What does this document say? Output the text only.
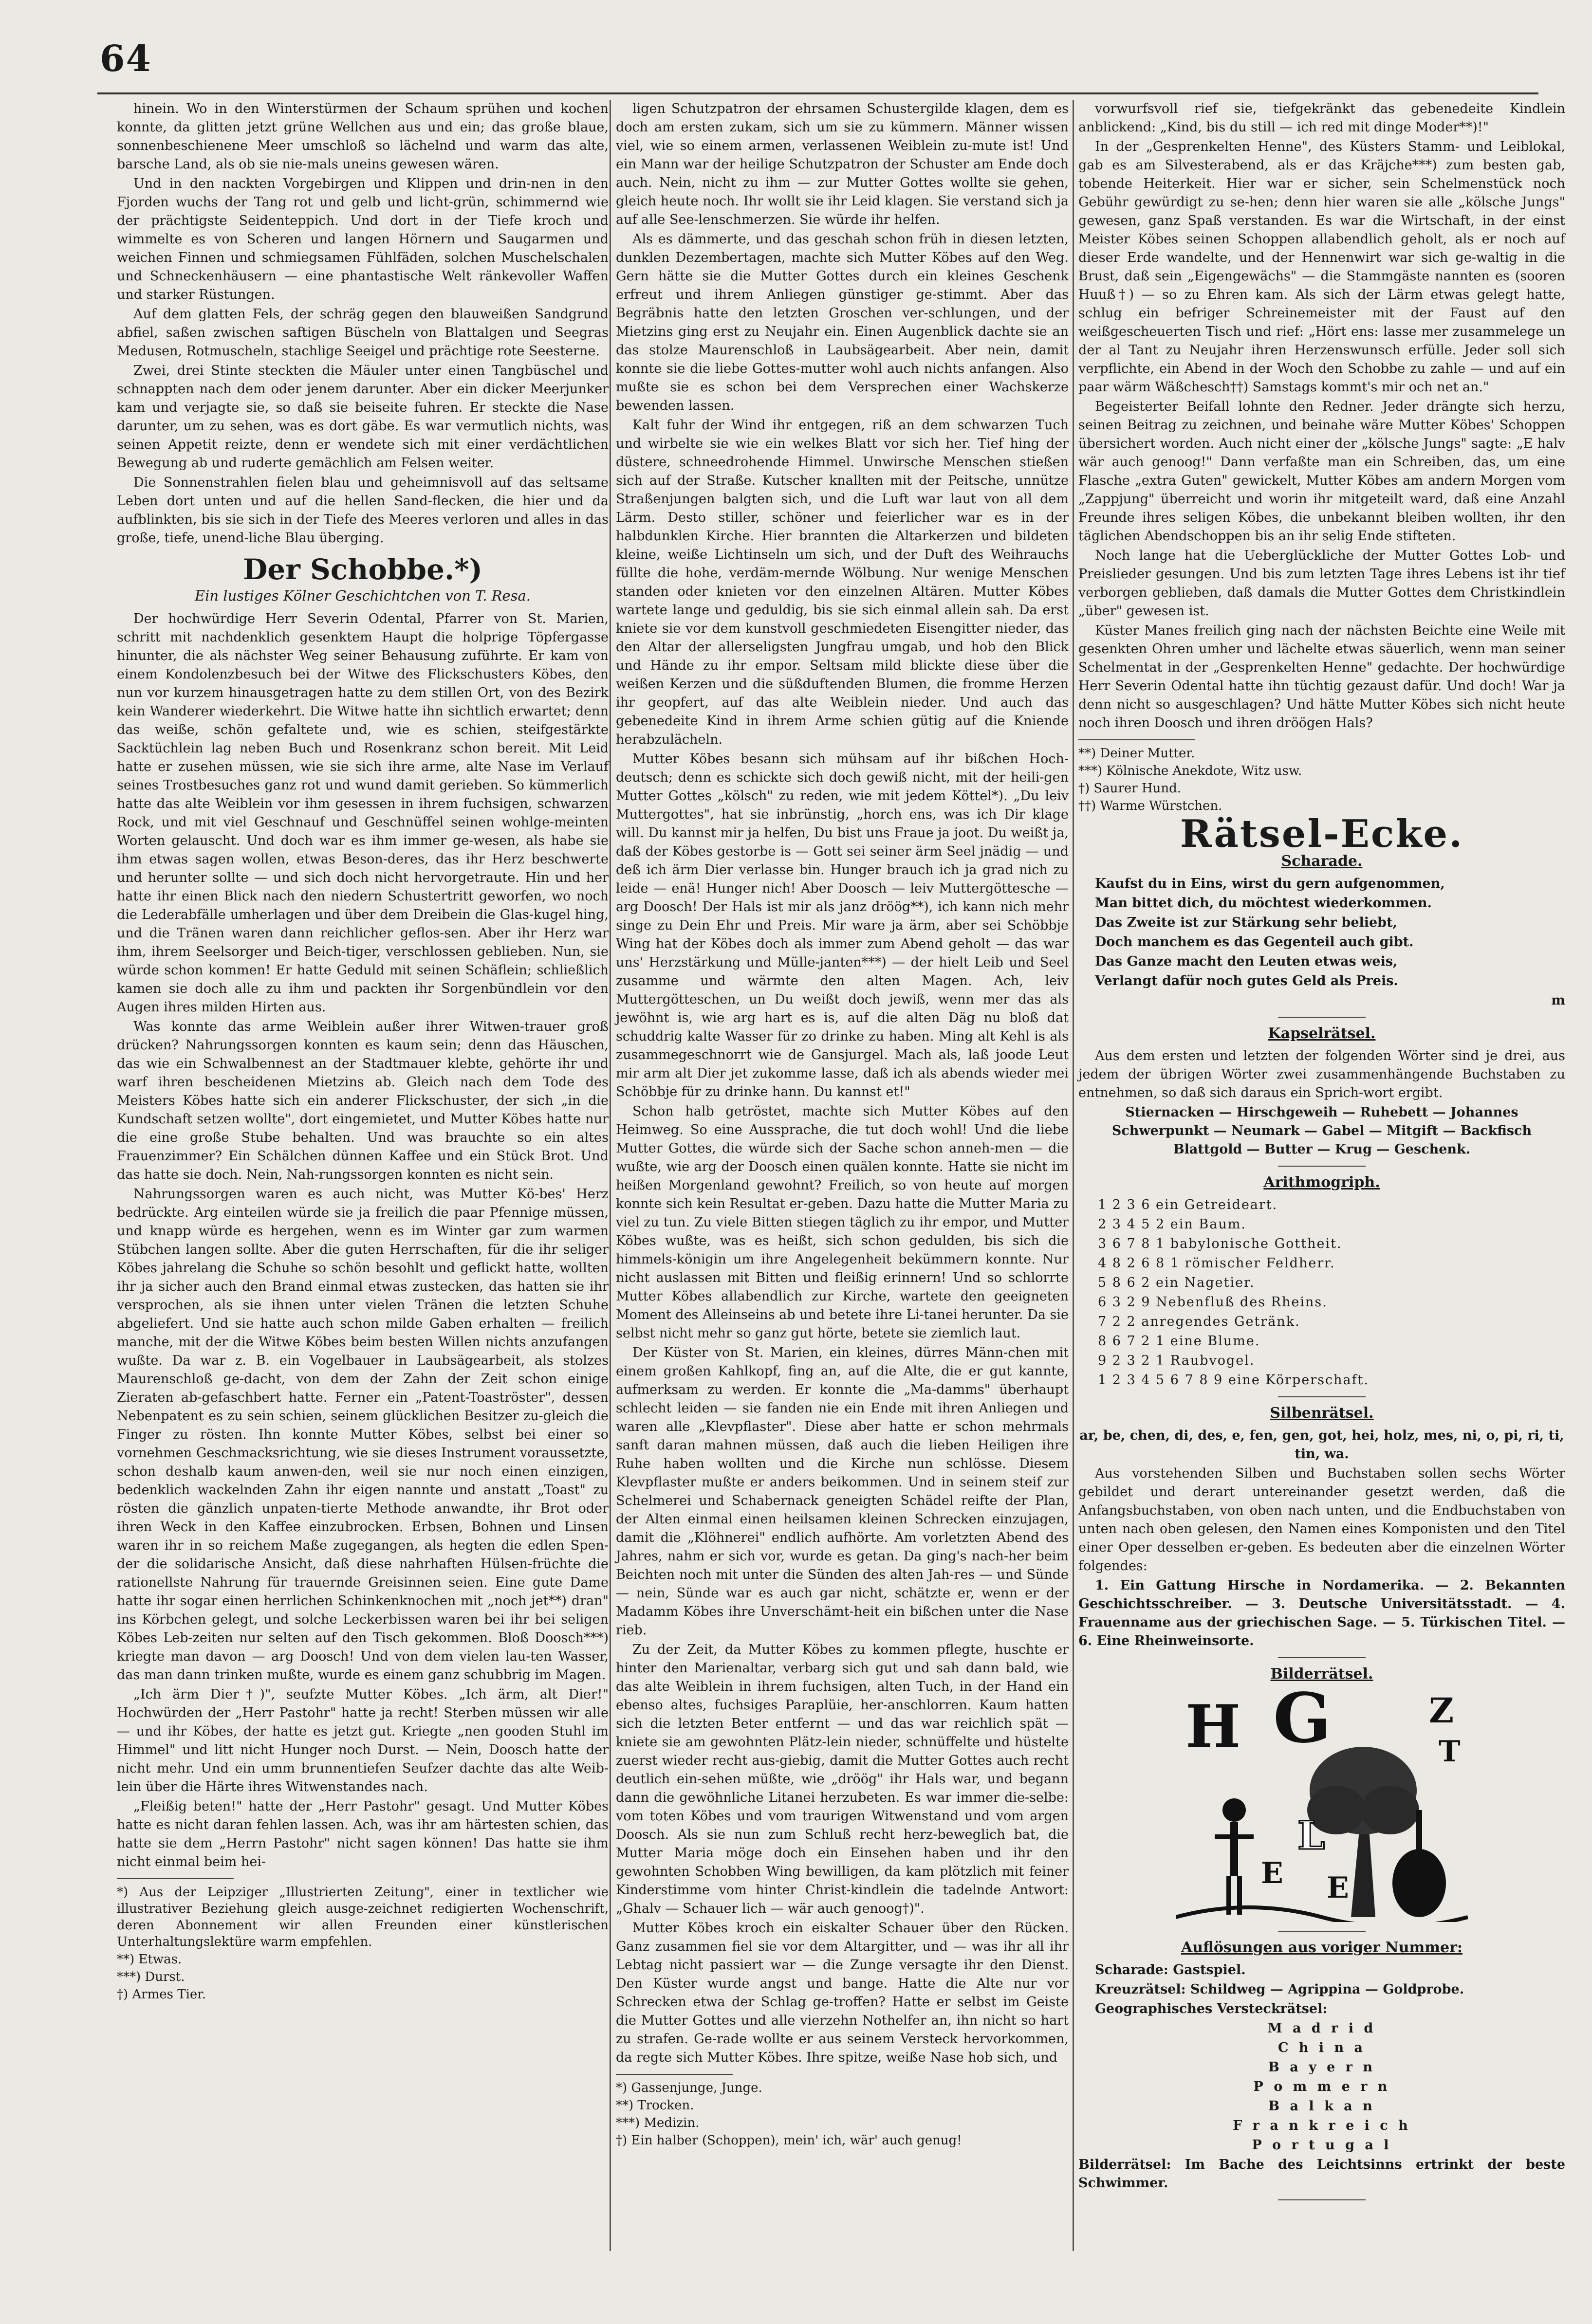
64

hinein. Wo in den Winterstürmen der Schaum sprühen und kochen konnte, da glitten jetzt grüne Wellchen aus und ein; das große blaue, sonnenbeschienene Meer umschloß so lächelnd und warm das alte, barsche Land, als ob sie nie-mals uneins gewesen wären.

Und in den nackten Vorgebirgen und Klippen und drin-nen in den Fjorden wuchs der Tang rot und gelb und licht-grün, schimmernd wie der prächtigste Seidenteppich. Und dort in der Tiefe kroch und wimmelte es von Scheren und langen Hörnern und Saugarmen und weichen Finnen und schmiegsamen Fühlfäden, solchen Muschelschalen und Schneckenhäusern — eine phantastische Welt ränkevoller Waffen und starker Rüstungen.

Auf dem glatten Fels, der schräg gegen den blauweißen Sandgrund abfiel, saßen zwischen saftigen Büscheln von Blattalgen und Seegras Medusen, Rotmuscheln, stachlige Seeigel und prächtige rote Seesterne.

Zwei, drei Stinte steckten die Mäuler unter einen Tangbüschel und schnappten nach dem oder jenem darunter. Aber ein dicker Meerjunker kam und verjagte sie, so daß sie beiseite fuhren. Er steckte die Nase darunter, um zu sehen, was es dort gäbe. Es war vermutlich nichts, was seinen Appetit reizte, denn er wendete sich mit einer verdächtlichen Bewegung ab und ruderte gemächlich am Felsen weiter.

Die Sonnenstrahlen fielen blau und geheimnisvoll auf das seltsame Leben dort unten und auf die hellen Sand-flecken, die hier und da aufblinkten, bis sie sich in der Tiefe des Meeres verloren und alles in das große, tiefe, unend-liche Blau überging.

Der Schobbe.*)
Ein lustiges Kölner Geschichtchen von T. Resa.

Der hochwürdige Herr Severin Odental, Pfarrer von St. Marien, schritt mit nachdenklich gesenktem Haupt die holprige Töpfergasse hinunter, die als nächster Weg seiner Behausung zuführte. Er kam von einem Kondolenzbesuch bei der Witwe des Flickschusters Köbes, den nun vor kurzem hinausgetragen hatte zu dem stillen Ort, von des Bezirk kein Wanderer wiederkehrt. Die Witwe hatte ihn sichtlich erwartet; denn das weiße, schön gefaltete und, wie es schien, steifgestärkte Sacktüchlein lag neben Buch und Rosenkranz schon bereit. Mit Leid hatte er zusehen müssen, wie sie sich ihre arme, alte Nase im Verlauf seines Trostbesuches ganz rot und wund damit gerieben. So kümmerlich hatte das alte Weiblein vor ihm gesessen in ihrem fuchsigen, schwarzen Rock, und mit viel Geschnauf und Geschnüffel seinen wohlge-meinten Worten gelauscht. Und doch war es ihm immer ge-wesen, als habe sie ihm etwas sagen wollen, etwas Beson-deres, das ihr Herz beschwerte und herunter sollte — und sich doch nicht hervorgetraute. Hin und her hatte ihr einen Blick nach den niedern Schustertritt geworfen, wo noch die Lederabfälle umherlagen und über dem Dreibein die Glas-kugel hing, und die Tränen waren dann reichlicher geflos-sen. Aber ihr Herz war ihm, ihrem Seelsorger und Beich-tiger, verschlossen geblieben. Nun, sie würde schon kommen! Er hatte Geduld mit seinen Schäflein; schließlich kamen sie doch alle zu ihm und packten ihr Sorgenbündlein vor den Augen ihres milden Hirten aus.

Was konnte das arme Weiblein außer ihrer Witwen-trauer groß drücken? Nahrungssorgen konnten es kaum sein; denn das Häuschen, das wie ein Schwalbennest an der Stadtmauer klebte, gehörte ihr und warf ihren bescheidenen Mietzins ab. Gleich nach dem Tode des Meisters Köbes hatte sich ein anderer Flickschuster, der sich „in die Kundschaft setzen wollte", dort eingemietet, und Mutter Köbes hatte nur die eine große Stube behalten. Und was brauchte so ein altes Frauenzimmer? Ein Schälchen dünnen Kaffee und ein Stück Brot. Und das hatte sie doch. Nein, Nah-rungssorgen konnten es nicht sein.

Nahrungssorgen waren es auch nicht, was Mutter Kö-bes' Herz bedrückte. Arg einteilen würde sie ja freilich die paar Pfennige müssen, und knapp würde es hergehen, wenn es im Winter gar zum warmen Stübchen langen sollte. Aber die guten Herrschaften, für die ihr seliger Köbes jahrelang die Schuhe so schön besohlt und geflickt hatte, wollten ihr ja sicher auch den Brand einmal etwas zustecken, das hatten sie ihr versprochen, als sie ihnen unter vielen Tränen die letzten Schuhe abgeliefert. Und sie hatte auch schon milde Gaben erhalten — freilich manche, mit der die Witwe Köbes beim besten Willen nichts anzufangen wußte. Da war z. B. ein Vogelbauer in Laubsägearbeit, als stolzes Maurenschloß ge-dacht, von dem der Zahn der Zeit schon einige Zieraten ab-gefaschbert hatte. Ferner ein „Patent-Toaströster", dessen Nebenpatent es zu sein schien, seinem glücklichen Besitzer zu-gleich die Finger zu rösten. Ihn konnte Mutter Köbes, selbst bei einer so vornehmen Geschmacksrichtung, wie sie dieses Instrument voraussetzte, schon deshalb kaum anwen-den, weil sie nur noch einen einzigen, bedenklich wackelnden Zahn ihr eigen nannte und anstatt „Toast" zu rösten die gänzlich unpaten-tierte Methode anwandte, ihr Brot oder ihren Weck in den Kaffee einzubrocken. Erbsen, Bohnen und Linsen waren ihr in so reichem Maße zugegangen, als hegten die edlen Spen-der die solidarische Ansicht, daß diese nahrhaften Hülsen-früchte die rationellste Nahrung für trauernde Greisinnen seien. Eine gute Dame hatte ihr sogar einen herrlichen Schinkenknochen mit „noch jet**) dran" ins Körbchen gelegt, und solche Leckerbissen waren bei ihr bei seligen Köbes Leb-zeiten nur selten auf den Tisch gekommen. Bloß Doosch***) kriegte man davon — arg Doosch! Und von dem vielen lau-ten Wasser, das man dann trinken mußte, wurde es einem ganz schubbrig im Magen.

„Ich ärm Dier†)", seufzte Mutter Köbes. „Ich ärm, alt Dier!" Hochwürden der „Herr Pastohr" hatte ja recht! Sterben müssen wir alle — und ihr Köbes, der hatte es jetzt gut. Kriegte „nen gooden Stuhl im Himmel" und litt nicht Hunger noch Durst. — Nein, Doosch hatte der nicht mehr. Und ein umm brunnentiefen Seufzer dachte das alte Weib-lein über die Härte ihres Witwenstandes nach.

„Fleißig beten!" hatte der „Herr Pastohr" gesagt. Und Mutter Köbes hatte es nicht daran fehlen lassen. Ach, was ihr am härtesten schien, das hatte sie dem „Herrn Pastohr" nicht sagen können! Das hatte sie ihm nicht einmal beim hei-

*) Aus der Leipziger „Illustrierten Zeitung", einer in textlicher wie illustrativer Beziehung gleich ausge-zeichnet redigierten Wochenschrift, deren Abonnement wir allen Freunden einer künstlerischen Unterhaltungslektüre warm empfehlen.

**) Etwas.

***) Durst.

†) Armes Tier.

ligen Schutzpatron der ehrsamen Schustergilde klagen, dem es doch am ersten zukam, sich um sie zu kümmern. Männer wissen viel, wie so einem armen, verlassenen Weiblein zu-mute ist! Und ein Mann war der heilige Schutzpatron der Schuster am Ende doch auch. Nein, nicht zu ihm — zur Mutter Gottes wollte sie gehen, gleich heute noch. Ihr wollt sie ihr Leid klagen. Sie verstand sich ja auf alle See-lenschmerzen. Sie würde ihr helfen.

Als es dämmerte, und das geschah schon früh in diesen letzten, dunklen Dezembertagen, machte sich Mutter Köbes auf den Weg. Gern hätte sie die Mutter Gottes durch ein kleines Geschenk erfreut und ihrem Anliegen günstiger ge-stimmt. Aber das Begräbnis hatte den letzten Groschen ver-schlungen, und der Mietzins ging erst zu Neujahr ein. Einen Augenblick dachte sie an das stolze Maurenschloß in Laubsägearbeit. Aber nein, damit konnte sie die liebe Gottes-mutter wohl auch nichts anfangen. Also mußte sie es schon bei dem Versprechen einer Wachskerze bewenden lassen.

Kalt fuhr der Wind ihr entgegen, riß an dem schwarzen Tuch und wirbelte sie wie ein welkes Blatt vor sich her. Tief hing der düstere, schneedrohende Himmel. Unwirsche Menschen stießen sich auf der Straße. Kutscher knallten mit der Peitsche, unnütze Straßenjungen balgten sich, und die Luft war laut von all dem Lärm. Desto stiller, schöner und feierlicher war es in der halbdunklen Kirche. Hier brannten die Altarkerzen und bildeten kleine, weiße Lichtinseln um sich, und der Duft des Weihrauchs füllte die hohe, verdäm-mernde Wölbung. Nur wenige Menschen standen oder knieten vor den einzelnen Altären. Mutter Köbes wartete lange und geduldig, bis sie sich einmal allein sah. Da erst kniete sie vor dem kunstvoll geschmiedeten Eisengitter nieder, das den Altar der allerseligsten Jungfrau umgab, und hob den Blick und Hände zu ihr empor. Seltsam mild blickte diese über die weißen Kerzen und die süßduftenden Blumen, die fromme Herzen ihr geopfert, auf das alte Weiblein nieder. Und auch das gebenedeite Kind in ihrem Arme schien gütig auf die Kniende herabzulächeln.

Mutter Köbes besann sich mühsam auf ihr bißchen Hoch-deutsch; denn es schickte sich doch gewiß nicht, mit der heili-gen Mutter Gottes „kölsch" zu reden, wie mit jedem Köttel*). „Du leiv Muttergottes", hat sie inbrünstig, „horch ens, was ich Dir klage will. Du kannst mir ja helfen, Du bist uns Fraue ja joot. Du weißt ja, daß der Köbes gestorbe is — Gott sei seiner ärm Seel jnädig — und deß ich ärm Dier verlasse bin. Hunger brauch ich ja grad nich zu leide — enä! Hunger nich! Aber Doosch — leiv Muttergöttesche — arg Doosch! Der Hals ist mir als janz dröög**), ich kann nich mehr singe zu Dein Ehr und Preis. Mir ware ja ärm, aber sei Schöbbje Wing hat der Köbes doch als immer zum Abend geholt — das war uns' Herzstärkung und Mülle-janten***) — der hielt Leib und Seel zusamme und wärmte den alten Magen. Ach, leiv Muttergötteschen, un Du weißt doch jewiß, wenn mer das als jewöhnt is, wie arg hart es is, auf die alten Däg nu bloß dat schuddrig kalte Wasser für zo drinke zu haben. Ming alt Kehl is als zusammegeschnorrt wie de Gansjurgel. Mach als, laß joode Leut mir arm alt Dier jet zukomme lasse, daß ich als abends wieder mei Schöbbje für zu drinke hann. Du kannst et!"

Schon halb getröstet, machte sich Mutter Köbes auf den Heimweg. So eine Aussprache, die tut doch wohl! Und die liebe Mutter Gottes, die würde sich der Sache schon anneh-men — die wußte, wie arg der Doosch einen quälen konnte. Hatte sie nicht im heißen Morgenland gewohnt? Freilich, so von heute auf morgen konnte sich kein Resultat er-geben. Dazu hatte die Mutter Maria zu viel zu tun. Zu viele Bitten stiegen täglich zu ihr empor, und Mutter Köbes wußte, was es heißt, sich schon gedulden, bis sich die himmels-königin um ihre Angelegenheit bekümmern konnte. Nur nicht auslassen mit Bitten und fleißig erinnern! Und so schlorrte Mutter Köbes allabendlich zur Kirche, wartete den geeigneten Moment des Alleinseins ab und betete ihre Li-tanei herunter. Da sie selbst nicht mehr so ganz gut hörte, betete sie ziemlich laut.

Der Küster von St. Marien, ein kleines, dürres Männ-chen mit einem großen Kahlkopf, fing an, auf die Alte, die er gut kannte, aufmerksam zu werden. Er konnte die „Ma-damms" überhaupt schlecht leiden — sie fanden nie ein Ende mit ihren Anliegen und waren alle „Klevpflaster". Diese aber hatte er schon mehrmals sanft daran mahnen müssen, daß auch die lieben Heiligen ihre Ruhe haben wollten und die Kirche nun schlösse. Diesem Klevpflaster mußte er anders beikommen. Und in seinem steif zur Schelmerei und Schabernack geneigten Schädel reifte der Plan, der Alten einmal einen heilsamen kleinen Schrecken einzujagen, damit die „Klöhnerei" endlich aufhörte. Am vorletzten Abend des Jahres, nahm er sich vor, wurde es getan. Da ging's nach-her beim Beichten noch mit unter die Sünden des alten Jah-res — und Sünde — nein, Sünde war es auch gar nicht, schätzte er, wenn er der Madamm Köbes ihre Unverschämt-heit ein bißchen unter die Nase rieb.

Zu der Zeit, da Mutter Köbes zu kommen pflegte, huschte er hinter den Marienaltar, verbarg sich gut und sah dann bald, wie das alte Weiblein in ihrem fuchsigen, alten Tuch, in der Hand ein ebenso altes, fuchsiges Paraplüie, her-anschlorren. Kaum hatten sich die letzten Beter entfernt — und das war reichlich spät — kniete sie am gewohnten Plätz-lein nieder, schnüffelte und hüstelte zuerst wieder recht aus-giebig, damit die Mutter Gottes auch recht deutlich ein-sehen müßte, wie „dröög" ihr Hals war, und begann dann die gewöhnliche Litanei herzubeten. Es war immer die-selbe: vom toten Köbes und vom traurigen Witwenstand und vom argen Doosch. Als sie nun zum Schluß recht herz-beweglich bat, die Mutter Maria möge doch ein Einsehen haben und ihr den gewohnten Schobben Wing bewilligen, da kam plötzlich mit feiner Kinderstimme vom hinter Christ-kindlein die tadelnde Antwort: „Ghalv — Schauer lich — wär auch genoog†)".

Mutter Köbes kroch ein eiskalter Schauer über den Rücken. Ganz zusammen fiel sie vor dem Altargitter, und — was ihr all ihr Lebtag nicht passiert war — die Zunge versagte ihr den Dienst. Den Küster wurde angst und bange. Hatte die Alte nur vor Schrecken etwa der Schlag ge-troffen? Hatte er selbst im Geiste die Mutter Gottes und alle vierzehn Nothelfer an, ihn nicht so hart zu strafen. Ge-rade wollte er aus seinem Versteck hervorkommen, da regte sich Mutter Köbes. Ihre spitze, weiße Nase hob sich, und

*) Gassenjunge, Junge.

**) Trocken.

***) Medizin.

†) Ein halber (Schoppen), mein' ich, wär' auch genug!

vorwurfsvoll rief sie, tiefgekränkt das gebenedeite Kindlein anblickend: „Kind, bis du still — ich red mit dinge Moder**)!"

In der „Gesprenkelten Henne", des Küsters Stamm- und Leiblokal, gab es am Silvesterabend, als er das Kräjche***) zum besten gab, tobende Heiterkeit. Hier war er sicher, sein Schelmenstück noch Gebühr gewürdigt zu se-hen; denn hier waren sie alle „kölsche Jungs" gewesen, ganz Spaß verstanden. Es war die Wirtschaft, in der einst Meister Köbes seinen Schoppen allabendlich geholt, als er noch auf dieser Erde wandelte, und der Hennenwirt war sich ge-waltig in die Brust, daß sein „Eigengewächs" — die Stammgäste nannten es (sooren Huuß†) — so zu Ehren kam. Als sich der Lärm etwas gelegt hatte, schlug ein befriger Schreinemeister mit der Faust auf den weißgescheuerten Tisch und rief: „Hört ens: lasse mer zusammelege un der al Tant zu Neujahr ihren Herzenswunsch erfülle. Jeder soll sich verpflichte, ein Abend in der Woch den Schobbe zu zahle — und auf ein paar wärm Wäßchesch††) Samstags kommt's mir och net an."

Begeisterter Beifall lohnte den Redner. Jeder drängte sich herzu, seinen Beitrag zu zeichnen, und beinahe wäre Mutter Köbes' Schoppen übersichert worden. Auch nicht einer der „kölsche Jungs" sagte: „E halv wär auch genoog!" Dann verfaßte man ein Schreiben, das, um eine Flasche „extra Guten" gewickelt, Mutter Köbes am andern Morgen vom „Zappjung" überreicht und worin ihr mitgeteilt ward, daß eine Anzahl Freunde ihres seligen Köbes, die unbekannt bleiben wollten, ihr den täglichen Abendschoppen bis an ihr selig Ende stifteten.

Noch lange hat die Ueberglückliche der Mutter Gottes Lob- und Preislieder gesungen. Und bis zum letzten Tage ihres Lebens ist ihr tief verborgen geblieben, daß damals die Mutter Gottes dem Christkindlein „über" gewesen ist.

Küster Manes freilich ging nach der nächsten Beichte eine Weile mit gesenkten Ohren umher und lächelte etwas säuerlich, wenn man seiner Schelmentat in der „Gesprenkelten Henne" gedachte. Der hochwürdige Herr Severin Odental hatte ihn tüchtig gezaust dafür. Und doch! War ja denn nicht so ausgeschlagen? Und hätte Mutter Köbes sich nicht heute noch ihren Doosch und ihren dröögen Hals?

**) Deiner Mutter.

***) Kölnische Anekdote, Witz usw.

†) Saurer Hund.

††) Warme Würstchen.

Rätsel-Ecke.
Scharade.

Kaufst du in Eins, wirst du gern aufgenommen,

Man bittet dich, du möchtest wiederkommen.

Das Zweite ist zur Stärkung sehr beliebt,

Doch manchem es das Gegenteil auch gibt.

Das Ganze macht den Leuten etwas weis,

Verlangt dafür noch gutes Geld als Preis.

m
Kapselrätsel.

Aus dem ersten und letzten der folgenden Wörter sind je drei, aus jedem der übrigen Wörter zwei zusammenhängende Buchstaben zu entnehmen, so daß sich daraus ein Sprich-wort ergibt.

Stiernacken — Hirschgeweih — Ruhebett — Johannes Schwerpunkt — Neumark — Gabel — Mitgift — Backfisch Blattgold — Butter — Krug — Geschenk.

Arithmogriph.

1 2 3 6 ein Getreideart.

2 3 4 5 2 ein Baum.

3 6 7 8 1 babylonische Gottheit.

4 8 2 6 8 1 römischer Feldherr.

5 8 6 2 ein Nagetier.

6 3 2 9 Nebenfluß des Rheins.

7 2 2 anregendes Getränk.

8 6 7 2 1 eine Blume.

9 2 3 2 1 Raubvogel.

1 2 3 4 5 6 7 8 9 eine Körperschaft.

Silbenrätsel.

ar, be, chen, di, des, e, fen, gen, got, hei, holz, mes, ni, o, pi, ri, ti, tin, wa.

Aus vorstehenden Silben und Buchstaben sollen sechs Wörter gebildet und derart untereinander gesetzt werden, daß die Anfangsbuchstaben, von oben nach unten, und die Endbuchstaben von unten nach oben gelesen, den Namen eines Komponisten und den Titel einer Oper desselben er-geben. Es bedeuten aber die einzelnen Wörter folgendes:

1. Ein Gattung Hirsche in Nordamerika. — 2. Bekannten Geschichtsschreiber. — 3. Deutsche Universitätsstadt. — 4. Frauenname aus der griechischen Sage. — 5. Türkischen Titel. — 6. Eine Rheinweinsorte.

Bilderrätsel.
H G	Z
T
E
L
E
Auflösungen aus voriger Nummer:

Scharade: Gastspiel.

Kreuzrätsel: Schildweg — Agrippina — Goldprobe.

Geographisches Versteckrätsel:

M a d r i d

C h i n a

B a y e r n

P o m m e r n

B a l k a n

F r a n k r e i c h

P o r t u g a l

Bilderrätsel: Im Bache des Leichtsinns ertrinkt der beste Schwimmer.
